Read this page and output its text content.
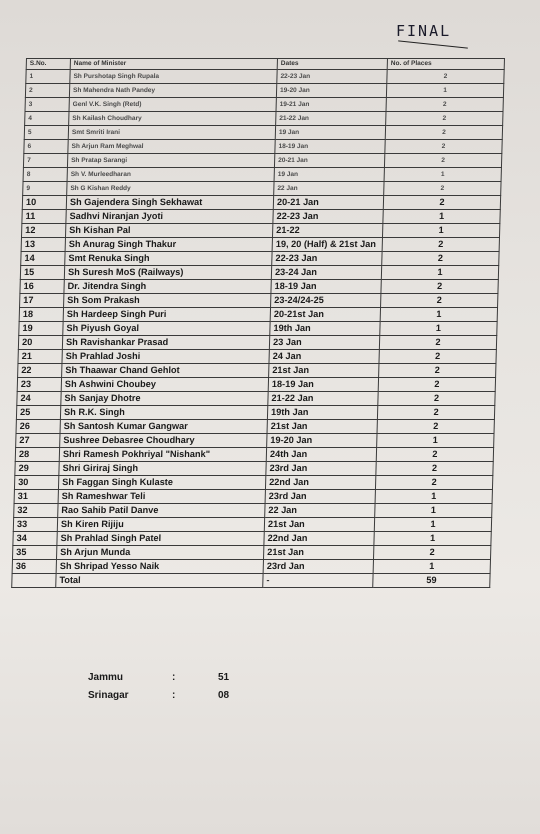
FINAL
S.No.	Name of Minister	Dates	No. of Places
1	Sh Purshotap Singh Rupala	22-23 Jan	2
2	Sh Mahendra Nath Pandey	19-20 Jan	1
3	Genl V.K. Singh (Retd)	19-21 Jan	2
4	Sh Kailash Choudhary	21-22 Jan	2
5	Smt Smriti Irani	19 Jan	2
6	Sh Arjun Ram Meghwal	18-19 Jan	2
7	Sh Pratap Sarangi	20-21 Jan	2
8	Sh V. Murleedharan	19 Jan	1
9	Sh G Kishan Reddy	22 Jan	2
10	Sh Gajendera Singh Sekhawat	20-21 Jan	2
11	Sadhvi Niranjan Jyoti	22-23 Jan	1
12	Sh Kishan Pal	21-22	1
13	Sh Anurag Singh Thakur	19, 20 (Half) & 21st Jan	2
14	Smt Renuka Singh	22-23 Jan	2
15	Sh Suresh MoS (Railways)	23-24 Jan	1
16	Dr. Jitendra Singh	18-19 Jan	2
17	Sh Som Prakash	23-24/24-25	2
18	Sh Hardeep Singh Puri	20-21st Jan	1
19	Sh Piyush Goyal	19th Jan	1
20	Sh Ravishankar Prasad	23 Jan	2
21	Sh Prahlad Joshi	24 Jan	2
22	Sh Thaawar Chand Gehlot	21st Jan	2
23	Sh Ashwini Choubey	18-19 Jan	2
24	Sh Sanjay Dhotre	21-22 Jan	2
25	Sh R.K. Singh	19th Jan	2
26	Sh Santosh Kumar Gangwar	21st Jan	2
27	Sushree Debasree Choudhary	19-20 Jan	1
28	Shri Ramesh Pokhriyal "Nishank"	24th Jan	2
29	Shri Giriraj Singh	23rd Jan	2
30	Sh Faggan Singh Kulaste	22nd Jan	2
31	Sh Rameshwar Teli	23rd Jan	1
32	Rao Sahib Patil Danve	22 Jan	1
33	Sh Kiren Rijiju	21st Jan	1
34	Sh Prahlad Singh Patel	22nd Jan	1
35	Sh Arjun Munda	21st Jan	2
36	Sh Shripad Yesso Naik	23rd Jan	1
	Total	-	59
Jammu	:	51
Srinagar	:	08
